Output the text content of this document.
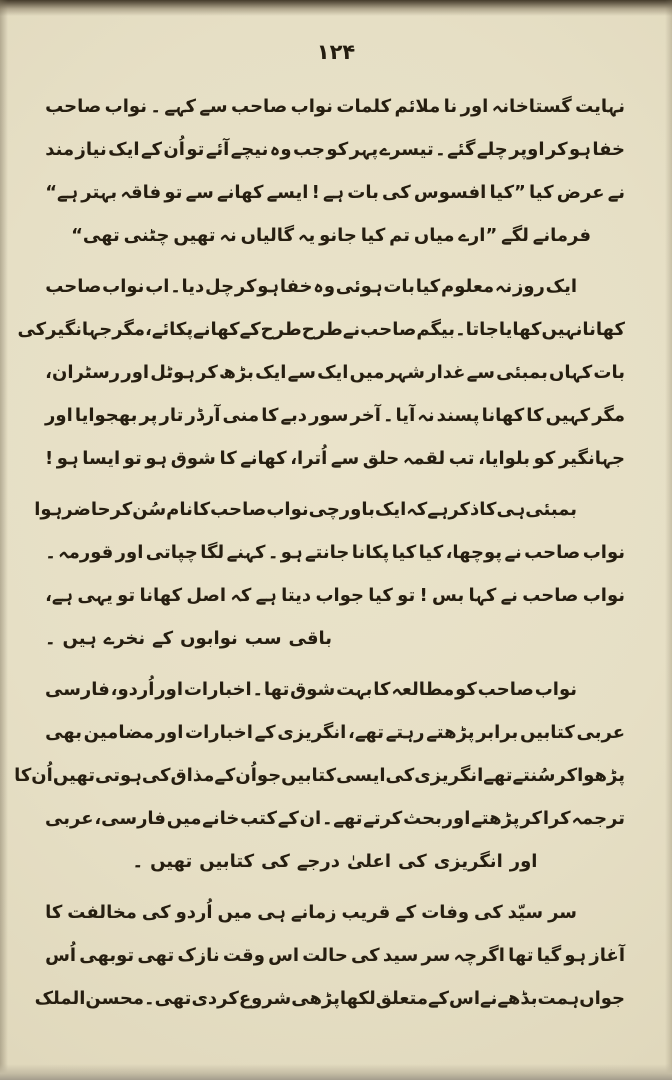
۱۲۴
نہایت
گستاخانہ
اور
نا
ملائم
کلمات
نواب
صاحب
سے
کہے
۔
نواب
صاحب
خفا
ہو
کر
اوپر
چلے
گئے
۔
تیسرے
پہر
کو
جب
وہ
نیچے
آئے
تو
اُن
کے
ایک
نیاز
مند
نے
عرض
کیا
”کیا
افسوس
کی
بات
ہے
!
ایسے
کھانے
سے
تو
فاقہ
بہتر
ہے“
فرمانے
لگے
”ارے
میاں
تم
کیا
جانو
یہ
گالیاں
نہ
تھیں
چٹنی
تھی“
ایک
روز
نہ
معلوم
کیا
بات
ہوئی
وہ
خفا
ہو
کر
چل
دیا
۔
اب
نواب
صاحب
کھانا
نہیں
کھایا
جاتا
۔
بیگم
صاحب
نے
طرح
طرح
کے
کھانے
پکائے،
مگر
جہانگیر
کی
بات
کہاں
بمبئی
سے
غدار
شہر
میں
ایک
سے
ایک
بڑھ
کر
ہوٹل
اور
رسٹران،
مگر
کہیں
کا
کھانا
پسند
نہ
آیا
۔
آخر
سور
دبے
کا
منی
آرڈر
تار
پر
بھجوایا
اور
جہانگیر
کو
بلوایا،
تب
لقمہ
حلق
سے
اُترا،
کھانے
کا
شوق
ہو
تو
ایسا
ہو
!
بمبئی
ہی
کا
ذکر
ہے
کہ
ایک
باورچی
نواب
صاحب
کا
نام
سُن
کر
حاضر
ہوا
نواب
صاحب
نے
پوچھا،
کیا
کیا
پکانا
جانتے
ہو
۔
کہنے
لگا
چپاتی
اور
قورمہ
۔
نواب
صاحب
نے
کہا
بس
!
تو
کیا
جواب
دیتا
ہے
کہ
اصل
کھانا
تو
یہی
ہے،
باقی
سب
نوابوں
کے
نخرے
ہیں
۔
نواب
صاحب
کو
مطالعہ
کا
بہت
شوق
تھا
۔
اخبارات
اور
اُردو،
فارسی
عربی
کتابیں
برابر
پڑھتے
رہتے
تھے،
انگریزی
کے
اخبارات
اور
مضامین
بھی
پڑھوا
کر
سُنتے
تھے
انگریزی
کی
ایسی
کتابیں
جو
اُن
کے
مذاق
کی
ہوتی
تھیں
اُن
کا
ترجمہ
کرا
کر
پڑھتے
اور
بحث
کرتے
تھے
۔
ان
کے
کتب
خانے
میں
فارسی،
عربی
اور
انگریزی
کی
اعلیٰ
درجے
کی
کتابیں
تھیں
۔
سر
سیّد
کی
وفات
کے
قریب
زمانے
ہی
میں
اُردو
کی
مخالفت
کا
آغاز
ہو
گیا
تھا
اگرچہ
سر
سید
کی
حالت
اس
وقت
نازک
تھی
توبھی
اُس
جواں
ہمت
بڈھے
نے
اس
کے
متعلق
لکھا
پڑھی
شروع
کر
دی
تھی
۔
محسن
الملک
